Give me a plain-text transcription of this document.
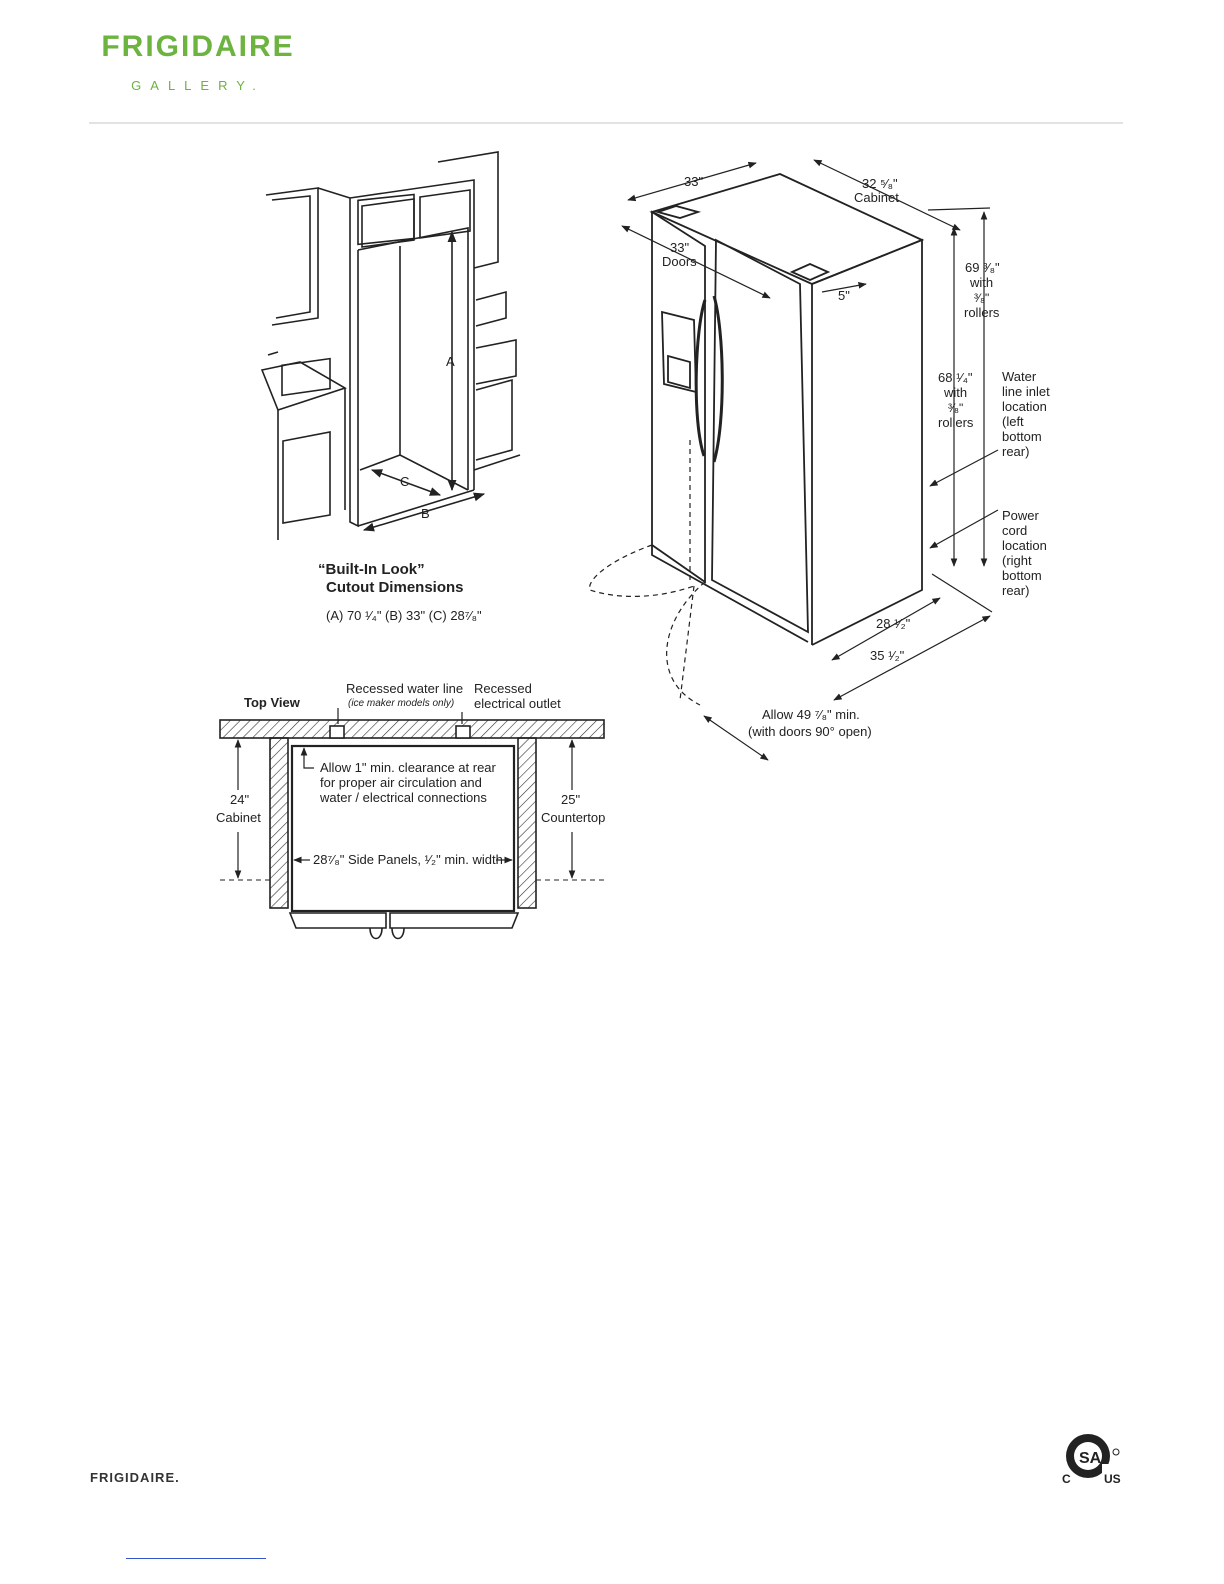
FRIGIDAIRE
GALLERY.
A
C
B
“Built-In Look”
Cutout Dimensions
(A) 70 ¹⁄₄" (B) 33" (C) 28⁷⁄₈"
33"	32 ⁵⁄₈"
Cabinet
33"
Doors
5"
69 ³⁄₈"
with
³⁄₈"
rollers
68 ¹⁄₄"
with
³⁄₈"
rollers
Water
line inlet
location
(left
bottom
rear)
Power
cord
location
(right
bottom
rear)
28 ¹⁄₂"
35 ¹⁄₂"
Allow 49 ⁷⁄₈" min.
(with doors 90° open)
Top View
Recessed water line
(ice maker models only)
Recessed
electrical outlet
24"
Cabinet
25"
Countertop
Allow 1" min. clearance at rear
for proper air circulation and
water / electrical connections
28⁷⁄₈" Side Panels, ¹⁄₂" min. width
FRIGIDAIRE.
SA
C	US
